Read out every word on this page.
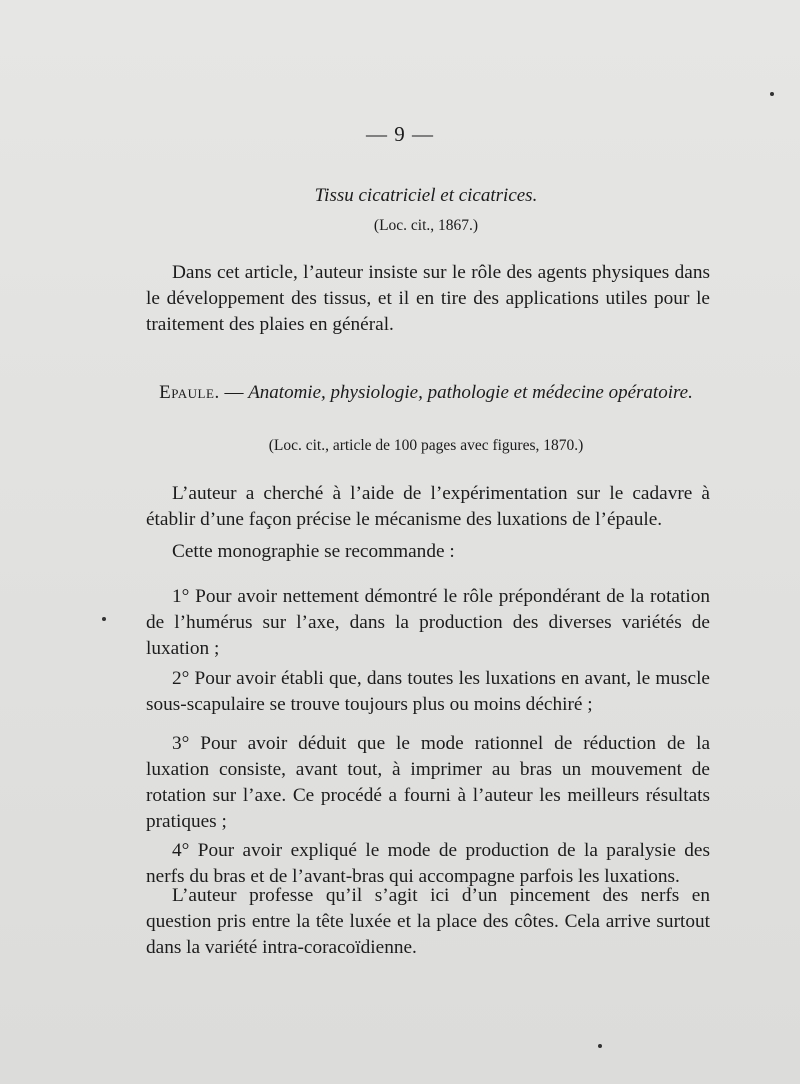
— 9 —
Tissu cicatriciel et cicatrices.
(Loc. cit., 1867.)

Dans cet article, l’auteur insiste sur le rôle des agents physiques dans le développement des tissus, et il en tire des applications utiles pour le traitement des plaies en général.

Epaule. — Anatomie, physiologie, pathologie et médecine opératoire.
(Loc. cit., article de 100 pages avec figures, 1870.)

L’auteur a cherché à l’aide de l’expérimentation sur le cadavre à établir d’une façon précise le mécanisme des luxations de l’épaule.

Cette monographie se recommande :

1° Pour avoir nettement démontré le rôle prépondérant de la rotation de l’humérus sur l’axe, dans la production des diverses variétés de luxation ;

2° Pour avoir établi que, dans toutes les luxations en avant, le muscle sous-scapulaire se trouve toujours plus ou moins déchiré ;

3° Pour avoir déduit que le mode rationnel de réduction de la luxation consiste, avant tout, à imprimer au bras un mouvement de rotation sur l’axe. Ce procédé a fourni à l’auteur les meilleurs résultats pratiques ;

4° Pour avoir expliqué le mode de production de la paralysie des nerfs du bras et de l’avant-bras qui accompagne parfois les luxations.

L’auteur professe qu’il s’agit ici d’un pincement des nerfs en question pris entre la tête luxée et la place des côtes. Cela arrive surtout dans la variété intra-coracoïdienne.
